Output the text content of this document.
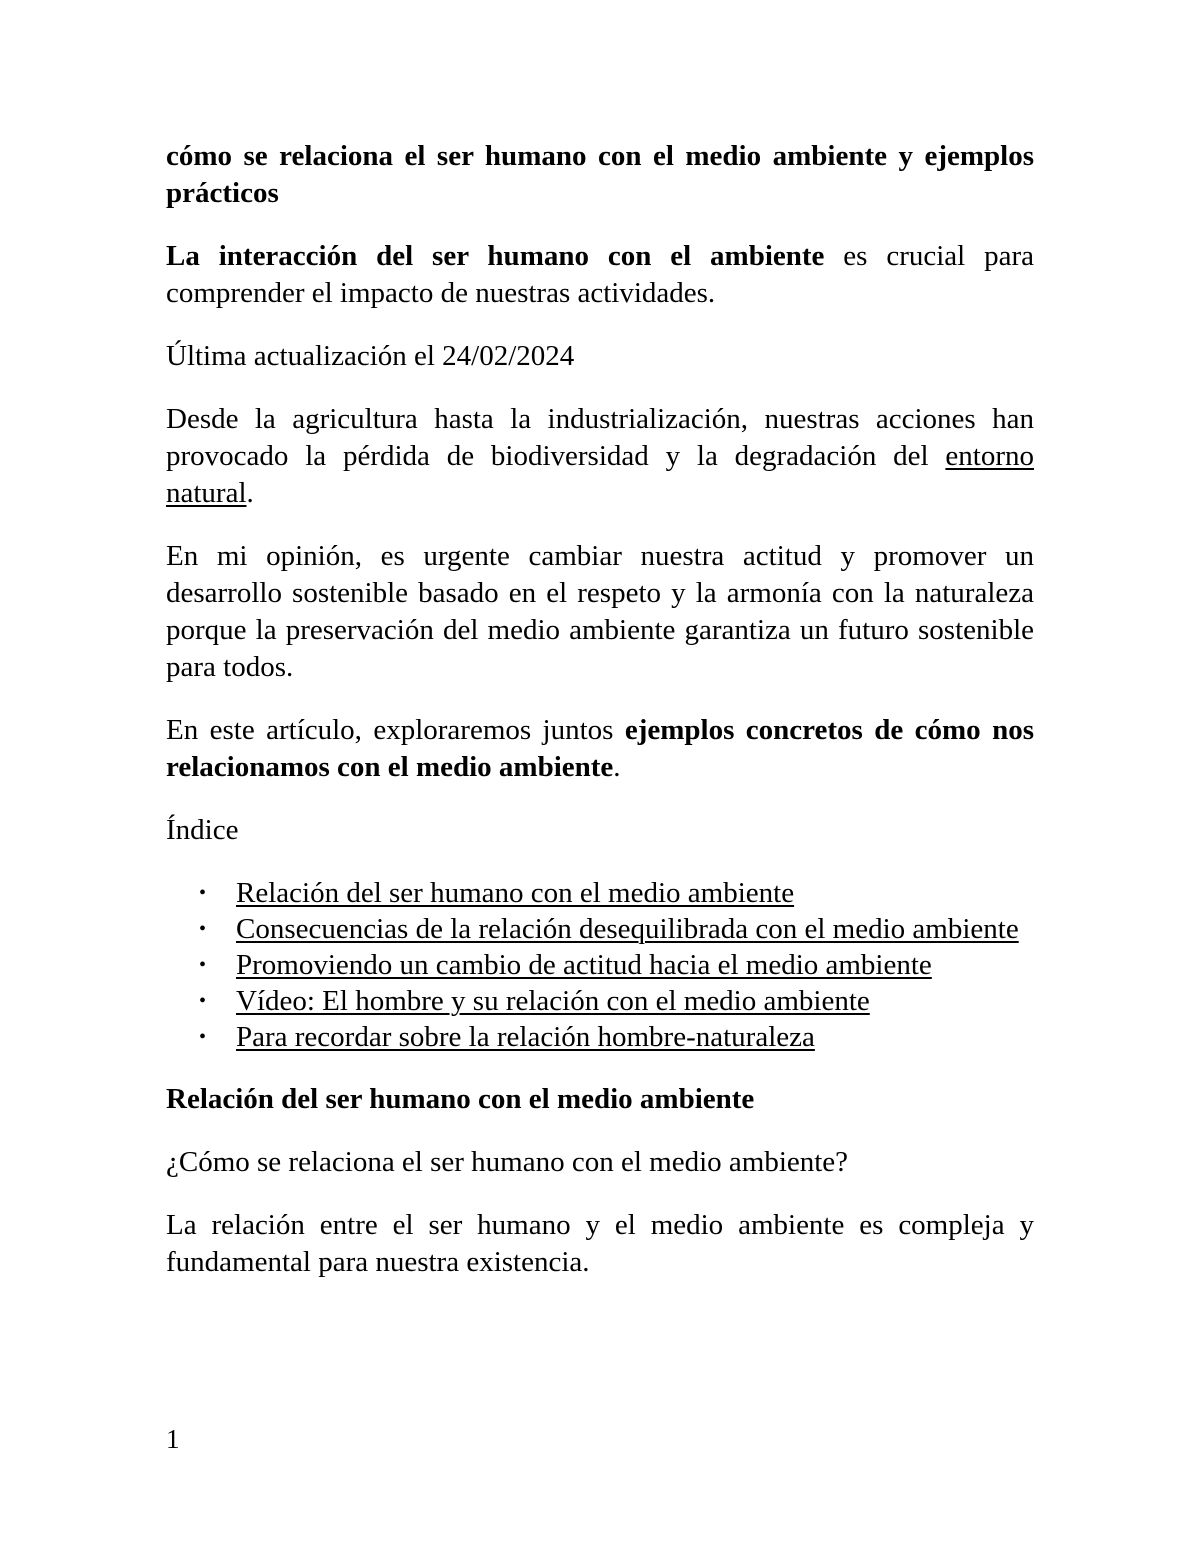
cómo se relaciona el ser humano con el medio ambiente y ejemplos prácticos

La interacción del ser humano con el ambiente es crucial para comprender el impacto de nuestras actividades.

Última actualización el 24/02/2024

Desde la agricultura hasta la industrialización, nuestras acciones han provocado la pérdida de biodiversidad y la degradación del entorno natural.

En mi opinión, es urgente cambiar nuestra actitud y promover un desarrollo sostenible basado en el respeto y la armonía con la naturaleza porque la preservación del medio ambiente garantiza un futuro sostenible para todos.

En este artículo, exploraremos juntos ejemplos concretos de cómo nos relacionamos con el medio ambiente.

Índice

• Relación del ser humano con el medio ambiente
• Consecuencias de la relación desequilibrada con el medio ambiente
• Promoviendo un cambio de actitud hacia el medio ambiente
• Vídeo: El hombre y su relación con el medio ambiente
• Para recordar sobre la relación hombre-naturaleza

Relación del ser humano con el medio ambiente

¿Cómo se relaciona el ser humano con el medio ambiente?

La relación entre el ser humano y el medio ambiente es compleja y fundamental para nuestra existencia.

1
